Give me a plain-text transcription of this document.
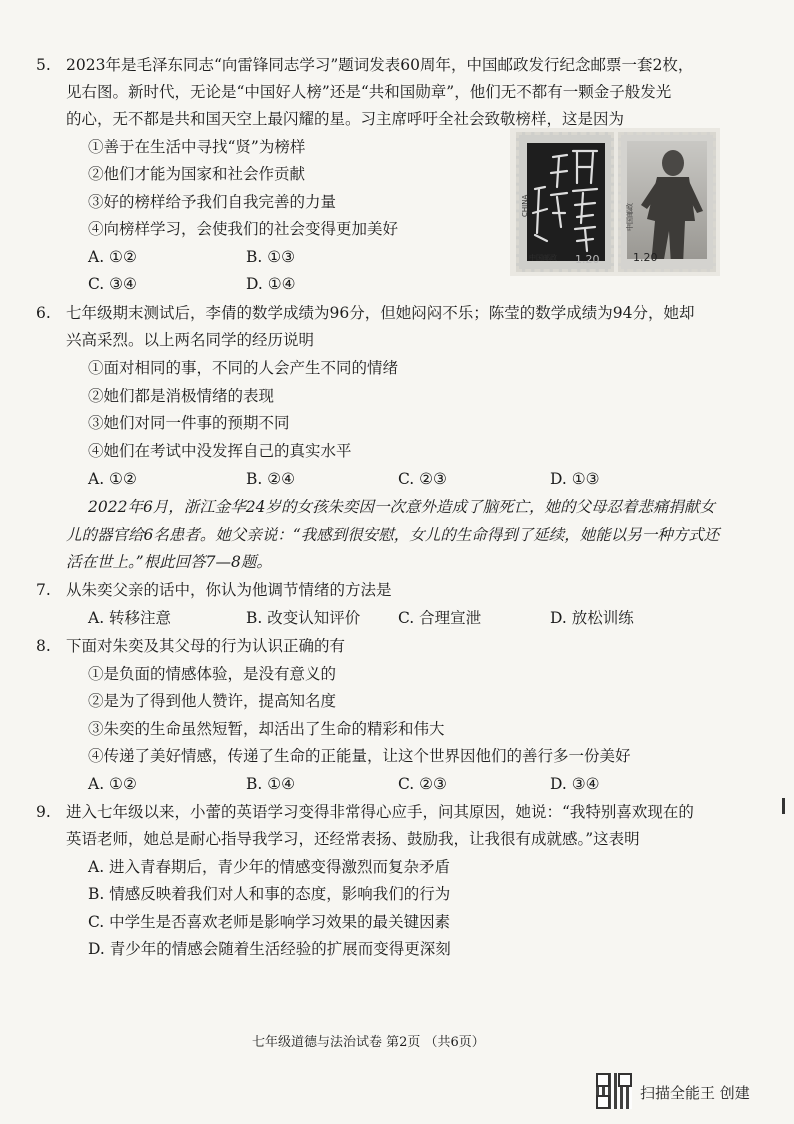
5. 2023年是毛泽东同志“向雷锋同志学习”题词发表60周年，中国邮政发行纪念邮票一套2枚，
见右图。新时代，无论是“中国好人榜”还是“共和国勋章”，他们无不都有一颗金子般发光
的心，无不都是共和国天空上最闪耀的星。习主席呼吁全社会致敬榜样，这是因为
①善于在生活中寻找“贤”为榜样
②他们才能为国家和社会作贡献
③好的榜样给予我们自我完善的力量
④向榜样学习，会使我们的社会变得更加美好
A. ①②	B. ①③
C. ③④	D. ①④
CHINA
中国邮政 1.20
中国邮政
1.20
6. 七年级期末测试后，李倩的数学成绩为96分，但她闷闷不乐；陈莹的数学成绩为94分，她却
兴高采烈。以上两名同学的经历说明
①面对相同的事，不同的人会产生不同的情绪
②她们都是消极情绪的表现
③她们对同一件事的预期不同
④她们在考试中没发挥自己的真实水平
A. ①②	B. ②④	C. ②③	D. ①③
2022年6月，浙江金华24岁的女孩朱奕因一次意外造成了脑死亡，她的父母忍着悲痛捐献女
儿的器官给6名患者。她父亲说：“我感到很安慰，女儿的生命得到了延续，她能以另一种方式还
活在世上。”根此回答7—8题。
7. 从朱奕父亲的话中，你认为他调节情绪的方法是
A. 转移注意	B. 改变认知评价 C. 合理宣泄	D. 放松训练
8. 下面对朱奕及其父母的行为认识正确的有
①是负面的情感体验，是没有意义的
②是为了得到他人赞许，提高知名度
③朱奕的生命虽然短暂，却活出了生命的精彩和伟大
④传递了美好情感，传递了生命的正能量，让这个世界因他们的善行多一份美好
A. ①②	B. ①④	C. ②③	D. ③④
9. 进入七年级以来，小蕾的英语学习变得非常得心应手，问其原因，她说：“我特别喜欢现在的
英语老师，她总是耐心指导我学习，还经常表扬、鼓励我，让我很有成就感。”这表明
A. 进入青春期后，青少年的情感变得激烈而复杂矛盾
B. 情感反映着我们对人和事的态度，影响我们的行为
C. 中学生是否喜欢老师是影响学习效果的最关键因素
D. 青少年的情感会随着生活经验的扩展而变得更深刻
七年级道德与法治试卷 第2页 （共6页）
扫描全能王 创建
